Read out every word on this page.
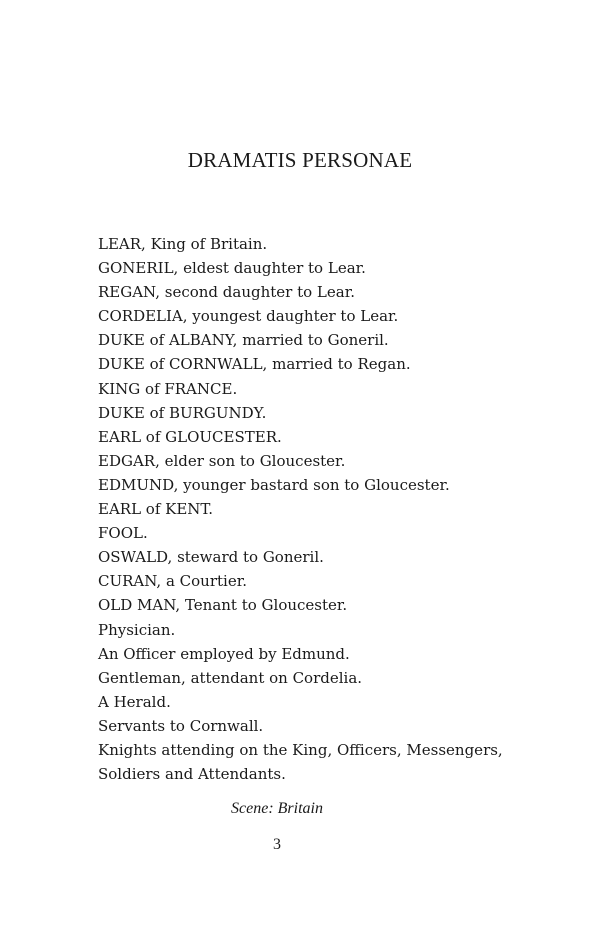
DRAMATIS PERSONAE
LEAR, King of Britain.
GONERIL, eldest daughter to Lear.
REGAN, second daughter to Lear.
CORDELIA, youngest daughter to Lear.
DUKE of ALBANY, married to Goneril.
DUKE of CORNWALL, married to Regan.
KING of FRANCE.
DUKE of BURGUNDY.
EARL of GLOUCESTER.
EDGAR, elder son to Gloucester.
EDMUND, younger bastard son to Gloucester.
EARL of KENT.
FOOL.
OSWALD, steward to Goneril.
CURAN, a Courtier.
OLD MAN, Tenant to Gloucester.
Physician.
An Officer employed by Edmund.
Gentleman, attendant on Cordelia.
A Herald.
Servants to Cornwall.
Knights attending on the King, Officers, Messengers, Soldiers and Attendants.
Scene: Britain
3
